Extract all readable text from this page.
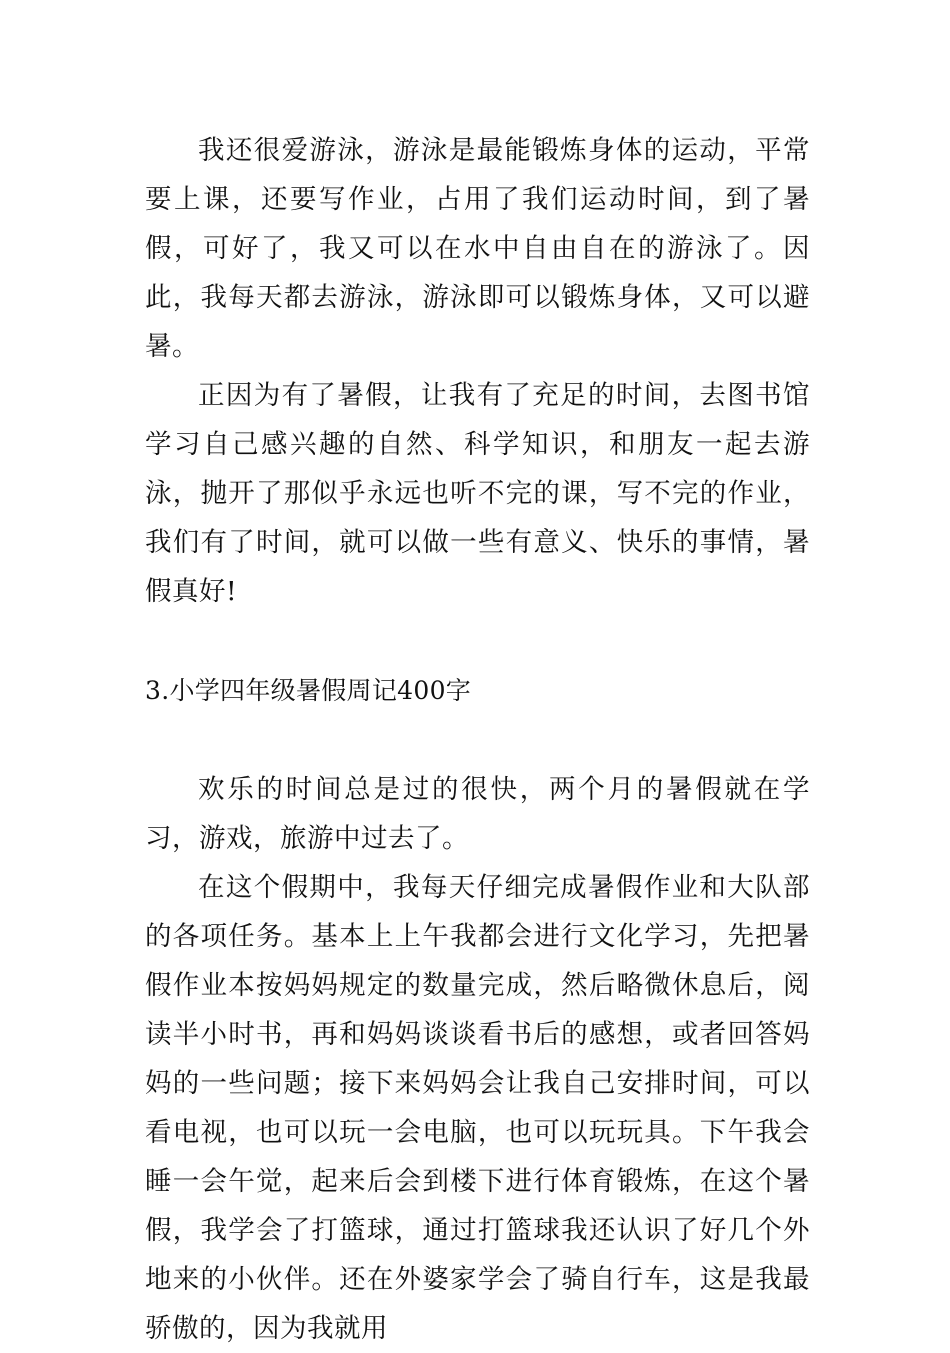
我还很爱游泳，游泳是最能锻炼身体的运动，平常要上课，还要写作业，占用了我们运动时间，到了暑假，可好了，我又可以在水中自由自在的游泳了。因此，我每天都去游泳，游泳即可以锻炼身体，又可以避暑。

正因为有了暑假，让我有了充足的时间，去图书馆学习自己感兴趣的自然、科学知识，和朋友一起去游泳，抛开了那似乎永远也听不完的课，写不完的作业，我们有了时间，就可以做一些有意义、快乐的事情，暑假真好!

3.小学四年级暑假周记400字

欢乐的时间总是过的很快，两个月的暑假就在学习，游戏，旅游中过去了。

在这个假期中，我每天仔细完成暑假作业和大队部的各项任务。基本上上午我都会进行文化学习，先把暑假作业本按妈妈规定的数量完成，然后略微休息后，阅读半小时书，再和妈妈谈谈看书后的感想，或者回答妈妈的一些问题；接下来妈妈会让我自己安排时间，可以看电视，也可以玩一会电脑，也可以玩玩具。下午我会睡一会午觉，起来后会到楼下进行体育锻炼，在这个暑假，我学会了打篮球，通过打篮球我还认识了好几个外地来的小伙伴。还在外婆家学会了骑自行车，这是我最骄傲的，因为我就用
